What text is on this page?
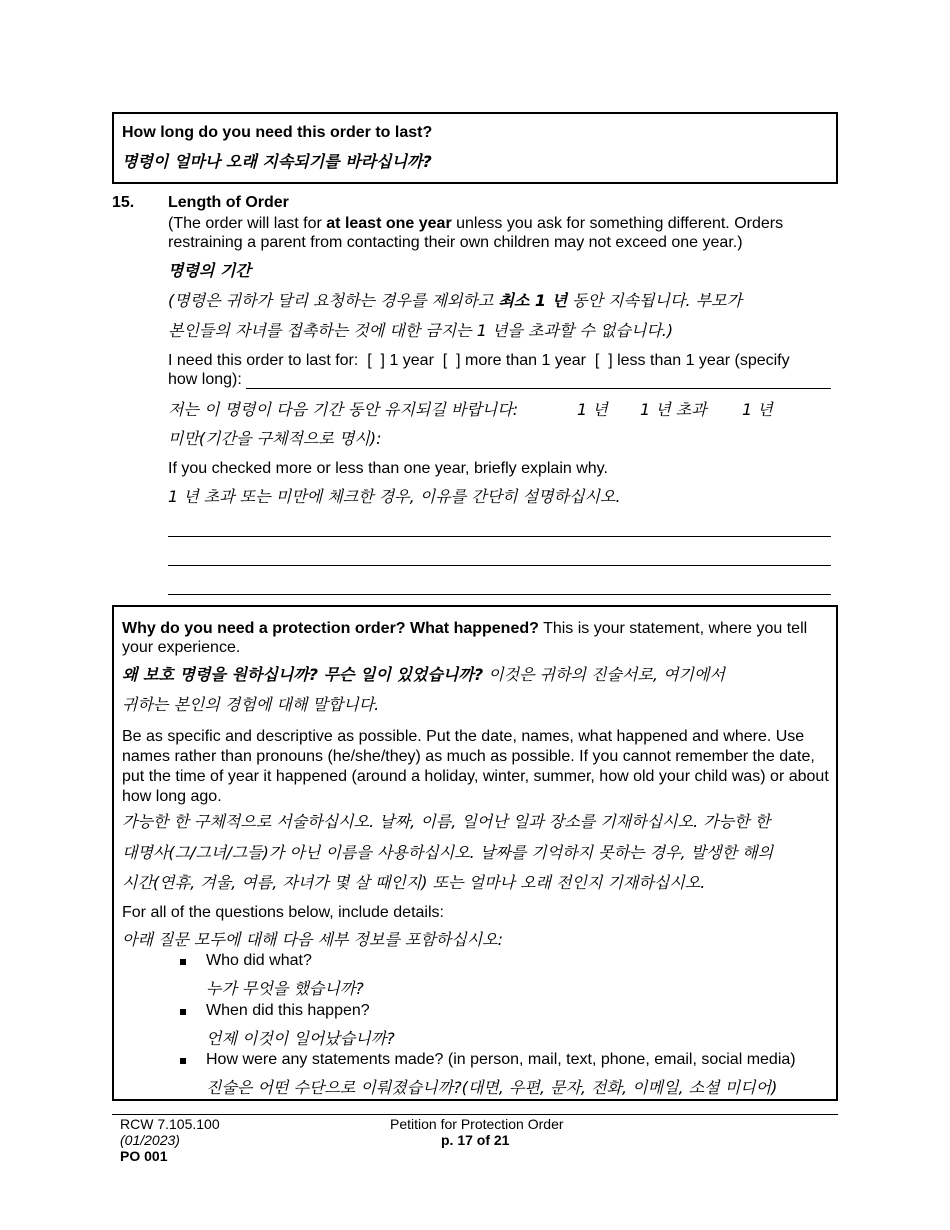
How long do you need this order to last?

명령이 얼마나 오래 지속되기를 바라십니까?

15. Length of Order

(The order will last for at least one year unless you ask for something different. Orders restraining a parent from contacting their own children may not exceed one year.)

명령의 기간

(명령은 귀하가 달리 요청하는 경우를 제외하고 최소 1 년 동안 지속됩니다. 부모가

본인들의 자녀를 접촉하는 것에 대한 금지는 1 년을 초과할 수 없습니다.)

I need this order to last for:  [  ] 1 year  [  ] more than 1 year  [  ] less than 1 year (specify

how long):

저는 이 명령이 다음 기간 동안 유지되길 바랍니다:	1 년 1 년 초과 1 년

미만(기간을 구체적으로 명시):

If you checked more or less than one year, briefly explain why.

1 년 초과 또는 미만에 체크한 경우, 이유를 간단히 설명하십시오.

Why do you need a protection order? What happened? This is your statement, where you tell your experience.

왜 보호 명령을 원하십니까? 무슨 일이 있었습니까? 이것은 귀하의 진술서로, 여기에서

귀하는 본인의 경험에 대해 말합니다.

Be as specific and descriptive as possible. Put the date, names, what happened and where. Use names rather than pronouns (he/she/they) as much as possible. If you cannot remember the date, put the time of year it happened (around a holiday, winter, summer, how old your child was) or about how long ago.

가능한 한 구체적으로 서술하십시오. 날짜, 이름, 일어난 일과 장소를 기재하십시오. 가능한 한

대명사(그/그녀/그들)가 아닌 이름을 사용하십시오. 날짜를 기억하지 못하는 경우, 발생한 해의

시간(연휴, 겨울, 여름, 자녀가 몇 살 때인지) 또는 얼마나 오래 전인지 기재하십시오.

For all of the questions below, include details:

아래 질문 모두에 대해 다음 세부 정보를 포함하십시오:

Who did what?

누가 무엇을 했습니까?

When did this happen?

언제 이것이 일어났습니까?

How were any statements made? (in person, mail, text, phone, email, social media)

진술은 어떤 수단으로 이뤄졌습니까?(대면, 우편, 문자, 전화, 이메일, 소셜 미디어)

RCW 7.105.100

(01/2023)

PO 001

Petition for Protection Order

p. 17 of 21
